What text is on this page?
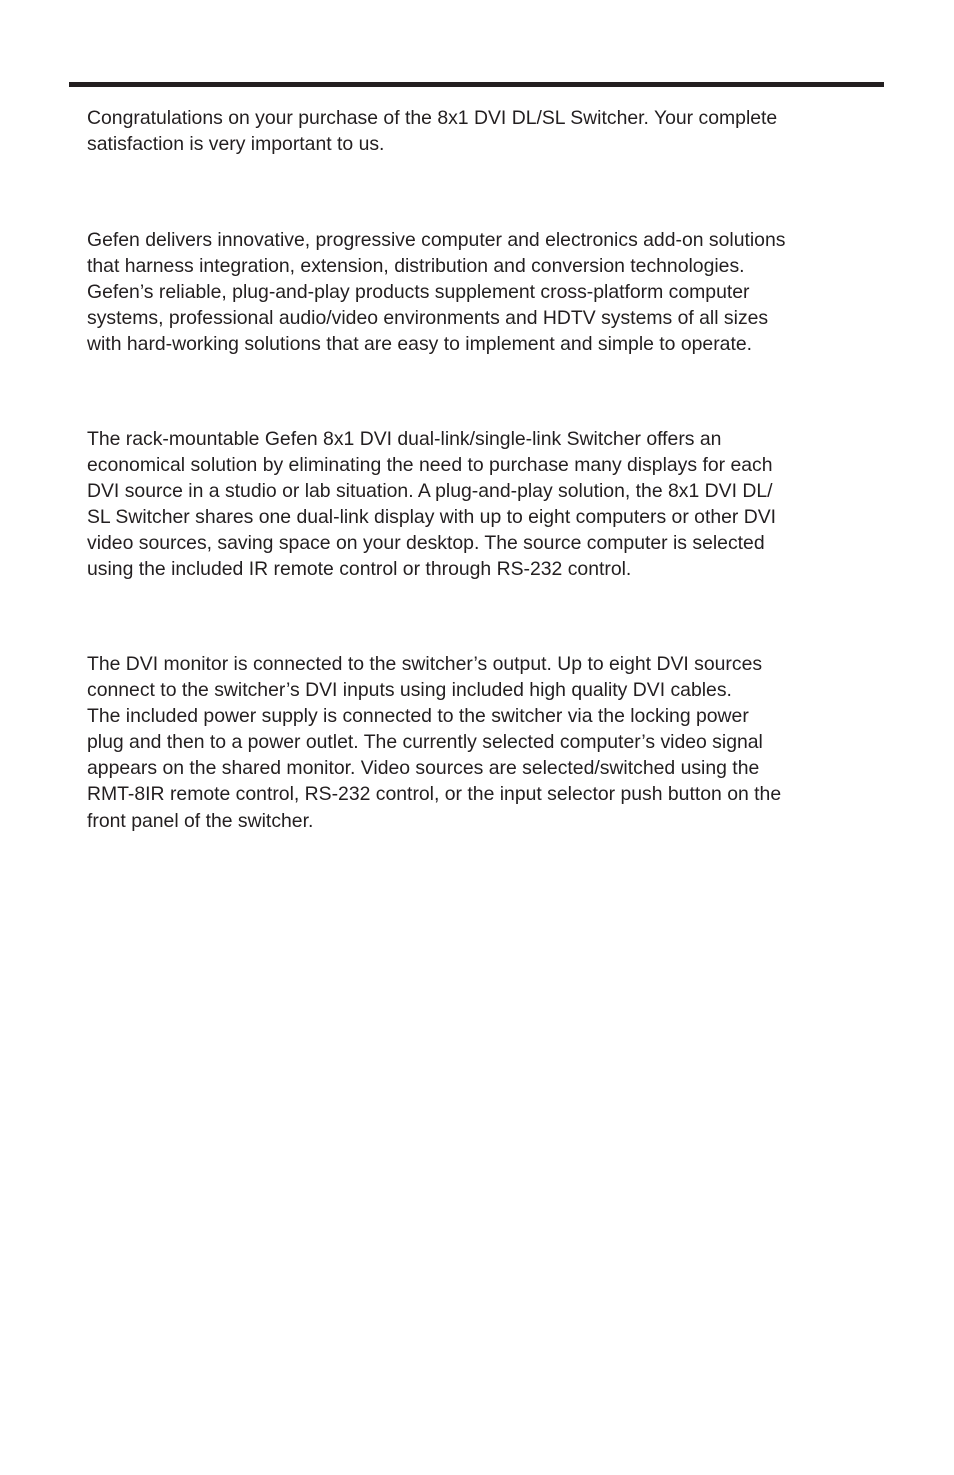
Congratulations on your purchase of the 8x1 DVI DL/SL Switcher. Your complete
satisfaction is very important to us.

Gefen delivers innovative, progressive computer and electronics add-on solutions
that harness integration, extension, distribution and conversion technologies.
Gefen’s reliable, plug-and-play products supplement cross-platform computer
systems, professional audio/video environments and HDTV systems of all sizes
with hard-working solutions that are easy to implement and simple to operate.

The rack-mountable Gefen 8x1 DVI dual-link/single-link Switcher offers an
economical solution by eliminating the need to purchase many displays for each
DVI source in a studio or lab situation. A plug-and-play solution, the 8x1 DVI DL/
SL Switcher shares one dual-link display with up to eight computers or other DVI
video sources, saving space on your desktop. The source computer is selected
using the included IR remote control or through RS-232 control.

The DVI monitor is connected to the switcher’s output. Up to eight DVI sources
connect to the switcher’s DVI inputs using included high quality DVI cables.
The included power supply is connected to the switcher via the locking power
plug and then to a power outlet. The currently selected computer’s video signal
appears on the shared monitor. Video sources are selected/switched using the
RMT-8IR remote control, RS-232 control, or the input selector push button on the
front panel of the switcher.
